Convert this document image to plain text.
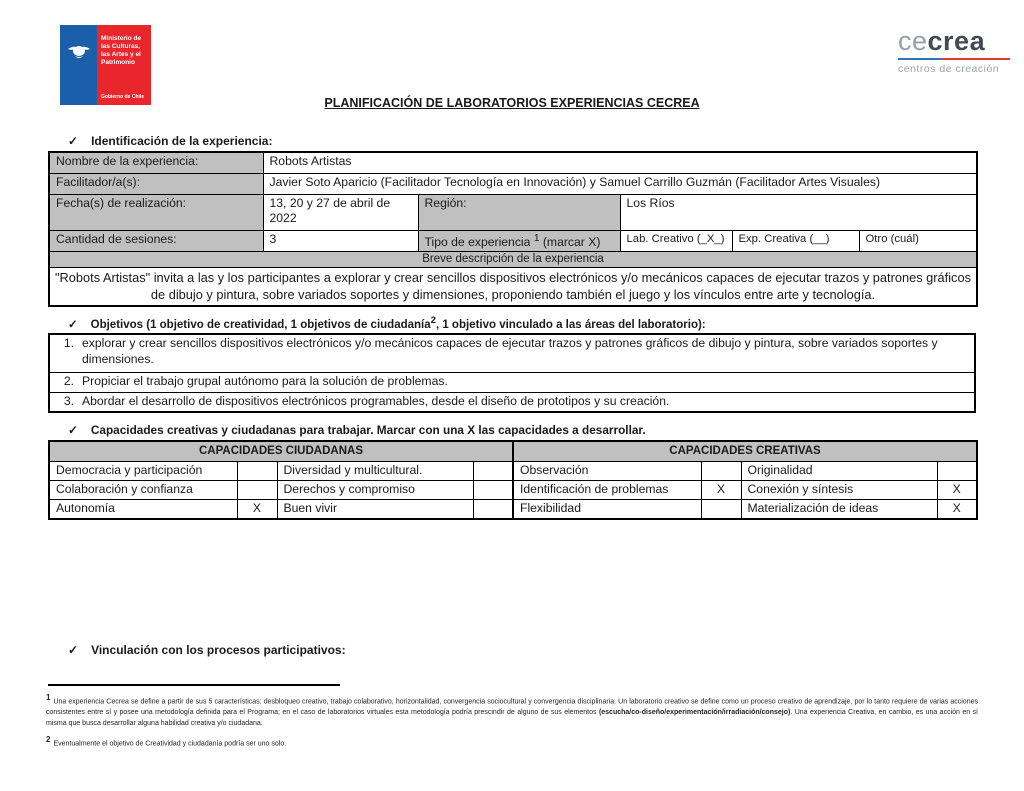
Ministerio de las Culturas, las Artes y el Patrimonio
Gobierno de Chile
cecrea
centros de creación
PLANIFICACIÓN DE LABORATORIOS EXPERIENCIAS CECREA
✓ Identificación de la experiencia:
Nombre de la experiencia:	Robots Artistas				
Facilitador/a(s):	Javier Soto Aparicio (Facilitador Tecnología en Innovación) y Samuel Carrillo Guzmán (Facilitador Artes Visuales)				
Fecha(s) de realización:	13, 20 y 27 de abril de 2022	Región:	Los Ríos		
Cantidad de sesiones:	3	Tipo de experiencia $^1$ (marcar X)	Lab. Creativo (_X_)	Exp. Creativa (__)	Otro (cuál)
Breve descripción de la experiencia					
"Robots Artistas" invita a las y los participantes a explorar y crear sencillos dispositivos electrónicos y/o mecánicos capaces de ejecutar trazos y patrones gráficos de dibujo y pintura, sobre variados soportes y dimensiones, proponiendo también el juego y los vínculos entre arte y tecnología.					
✓ Objetivos (1 objetivo de creatividad, 1 objetivos de ciudadanía$^2$, 1 objetivo vinculado a las áreas del laboratorio):
1. explorar y crear sencillos dispositivos electrónicos y/o mecánicos capaces de ejecutar trazos y patrones gráficos de dibujo y pintura, sobre variados soportes y dimensiones.

2. Propiciar el trabajo grupal autónomo para la solución de problemas.

3. Abordar el desarrollo de dispositivos electrónicos programables, desde el diseño de prototipos y su creación.
✓ Capacidades creativas y ciudadanas para trabajar. Marcar con una X las capacidades a desarrollar.
CAPACIDADES CIUDADANAS				CAPACIDADES CREATIVAS			
Democracia y participación		Diversidad y multicultural.		Observación		Originalidad	
Colaboración y confianza		Derechos y compromiso		Identificación de problemas	X	Conexión y síntesis	X
Autonomía	X	Buen vivir		Flexibilidad		Materialización de ideas	X
✓ Vinculación con los procesos participativos:

$^1$ Una experiencia Cecrea se define a partir de sus 5 características: desbloqueo creativo, trabajo colaborativo, horizontalidad, convergencia sociocultural y convergencia disciplinaria. Un laboratorio creativo se define como un proceso creativo de aprendizaje, por lo tanto requiere de varias acciones consistentes entre sí y posee una metodología definida para el Programa; en el caso de laboratorios virtuales esta metodología podría prescindir de alguno de sus elementos (escucha/co-diseño/experimentación/irradiación/consejo). Una experiencia Creativa, en cambio, es una acción en sí misma que busca desarrollar alguna habilidad creativa y/o ciudadana.

$^2$ Eventualmente el objetivo de Creatividad y ciudadanía podría ser uno solo.
